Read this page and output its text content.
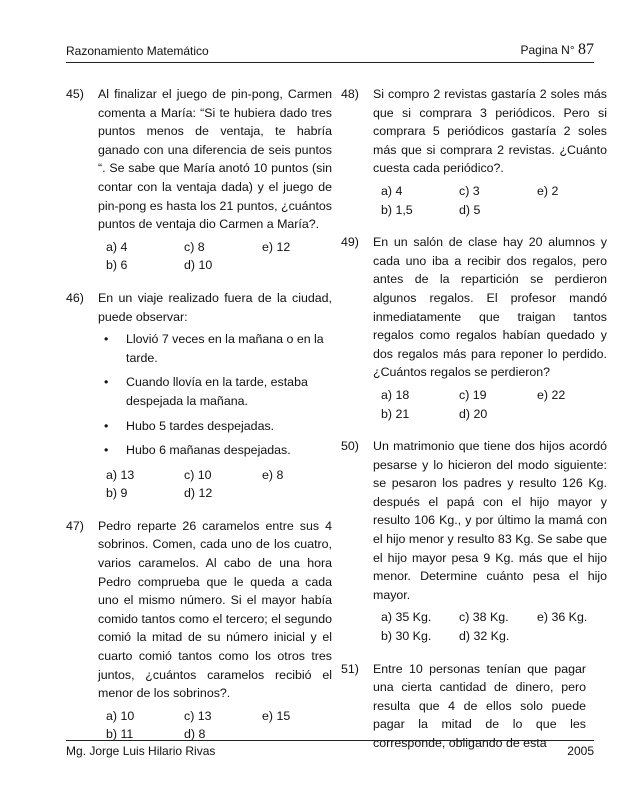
Razonamiento Matemático	Pagina N° 87
45)	Al finalizar el juego de pin-pong, Carmen comenta a María: “Si te hubiera dado tres puntos menos de ventaja, te habría ganado con una diferencia de seis puntos “. Se sabe que María anotó 10 puntos (sin contar con la ventaja dada) y el juego de pin-pong es hasta los 21 puntos, ¿cuántos puntos de ventaja dio Carmen a María?.
a) 4	c) 8	e) 12
b) 6	d) 10
46)	En un viaje realizado fuera de la ciudad, puede observar:
•	Llovió 7 veces en la mañana o en la tarde.
•	Cuando llovía en la tarde, estaba despejada la mañana.
•	Hubo 5 tardes despejadas.
•	Hubo 6 mañanas despejadas.
a) 13	c) 10	e) 8
b) 9	d) 12
47)	Pedro reparte 26 caramelos entre sus 4 sobrinos. Comen, cada uno de los cuatro, varios caramelos. Al cabo de una hora Pedro comprueba que le queda a cada uno el mismo número. Si el mayor había comido tantos como el tercero; el segundo comió la mitad de su número inicial y el cuarto comió tantos como los otros tres juntos, ¿cuántos caramelos recibió el menor de los sobrinos?.
a) 10	c) 13	e) 15
b) 11	d) 8
48)	Si compro 2 revistas gastaría 2 soles más que si comprara 3 periódicos. Pero si comprara 5 periódicos gastaría 2 soles más que si comprara 2 revistas. ¿Cuánto cuesta cada periódico?.
a) 4	c) 3	e) 2
b) 1,5	d) 5
49)	En un salón de clase hay 20 alumnos y cada uno iba a recibir dos regalos, pero antes de la repartición se perdieron algunos regalos. El profesor mandó inmediatamente que traigan tantos regalos como regalos habían quedado y dos regalos más para reponer lo perdido. ¿Cuántos regalos se perdieron?
a) 18	c) 19	e) 22
b) 21	d) 20
50)	Un matrimonio que tiene dos hijos acordó pesarse y lo hicieron del modo siguiente: se pesaron los padres y resulto 126 Kg. después el papá con el hijo mayor y resulto 106 Kg., y por último la mamá con el hijo menor y resulto 83 Kg. Se sabe que el hijo mayor pesa 9 Kg. más que el hijo menor. Determine cuánto pesa el hijo mayor.
a) 35 Kg.	c) 38 Kg.	e) 36 Kg.
b) 30 Kg.	d) 32 Kg.
51)	Entre 10 personas tenían que pagar una cierta cantidad de dinero, pero resulta que 4 de ellos solo puede pagar la mitad de lo que les corresponde, obligando de esta
Mg. Jorge Luis Hilario Rivas	2005
